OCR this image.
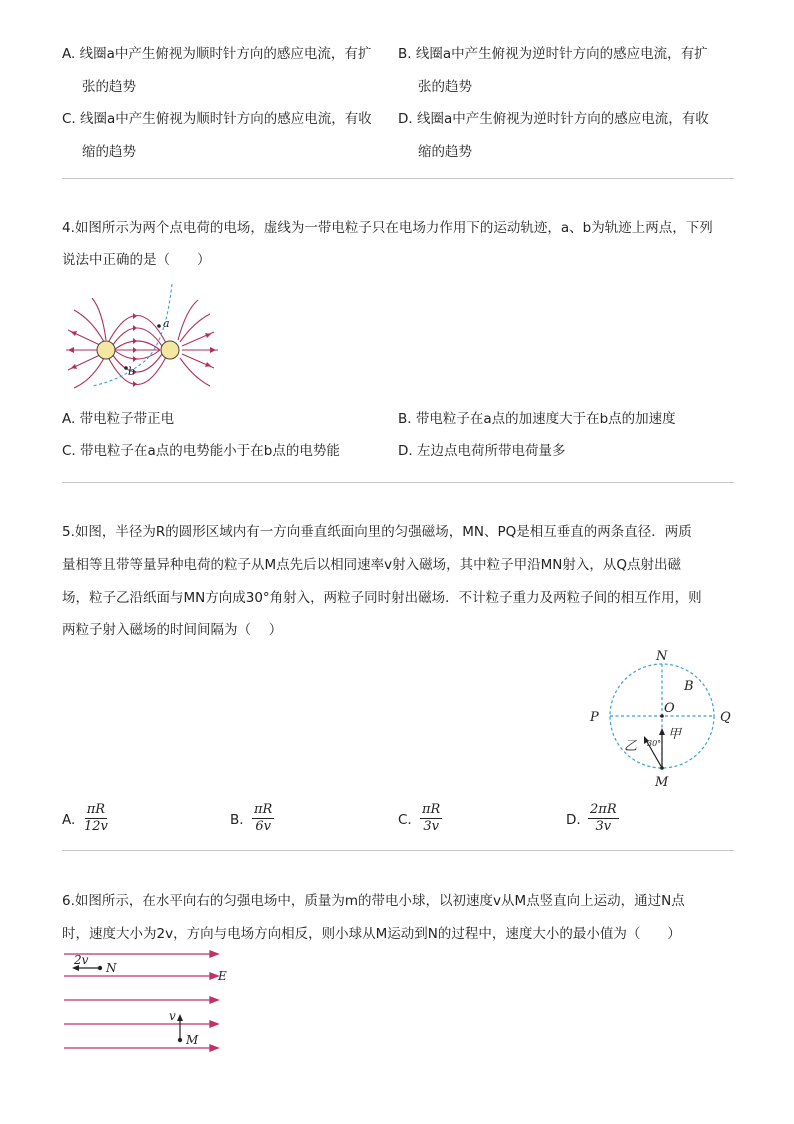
A. 线圈a中产生俯视为顺时针方向的感应电流，有扩
张的趋势
B. 线圈a中产生俯视为逆时针方向的感应电流，有扩
张的趋势
C. 线圈a中产生俯视为顺时针方向的感应电流，有收
缩的趋势
D. 线圈a中产生俯视为逆时针方向的感应电流，有收
缩的趋势
4.如图所示为两个点电荷的电场，虚线为一带电粒子只在电场力作用下的运动轨迹，a、b为轨迹上两点，下列
说法中正确的是（　　）
a
b
A. 带电粒子带正电	B. 带电粒子在a点的加速度大于在b点的加速度
C. 带电粒子在a点的电势能小于在b点的电势能	D. 左边点电荷所带电荷量多
5.如图，半径为R的圆形区域内有一方向垂直纸面向里的匀强磁场，MN、PQ是相互垂直的两条直径．两质
量相等且带等量异种电荷的粒子从M点先后以相同速率v射入磁场，其中粒子甲沿MN射入，从Q点射出磁
场，粒子乙沿纸面与MN方向成30°角射入，两粒子同时射出磁场．不计粒子重力及两粒子间的相互作用，则
两粒子射入磁场的时间间隔为（　 ）
N
B
P
O
Q
M
甲
乙 30°
A. $\frac{\pi R}{12v}$	B. $\frac{\pi R}{6v}$	C. $\frac{\pi R}{3v}$	D. $\frac{2\pi R}{3v}$
6.如图所示，在水平向右的匀强电场中，质量为m的带电小球，以初速度v从M点竖直向上运动，通过N点
时，速度大小为2v，方向与电场方向相反，则小球从M运动到N的过程中，速度大小的最小值为（　　）
2v
N
E
v
M
